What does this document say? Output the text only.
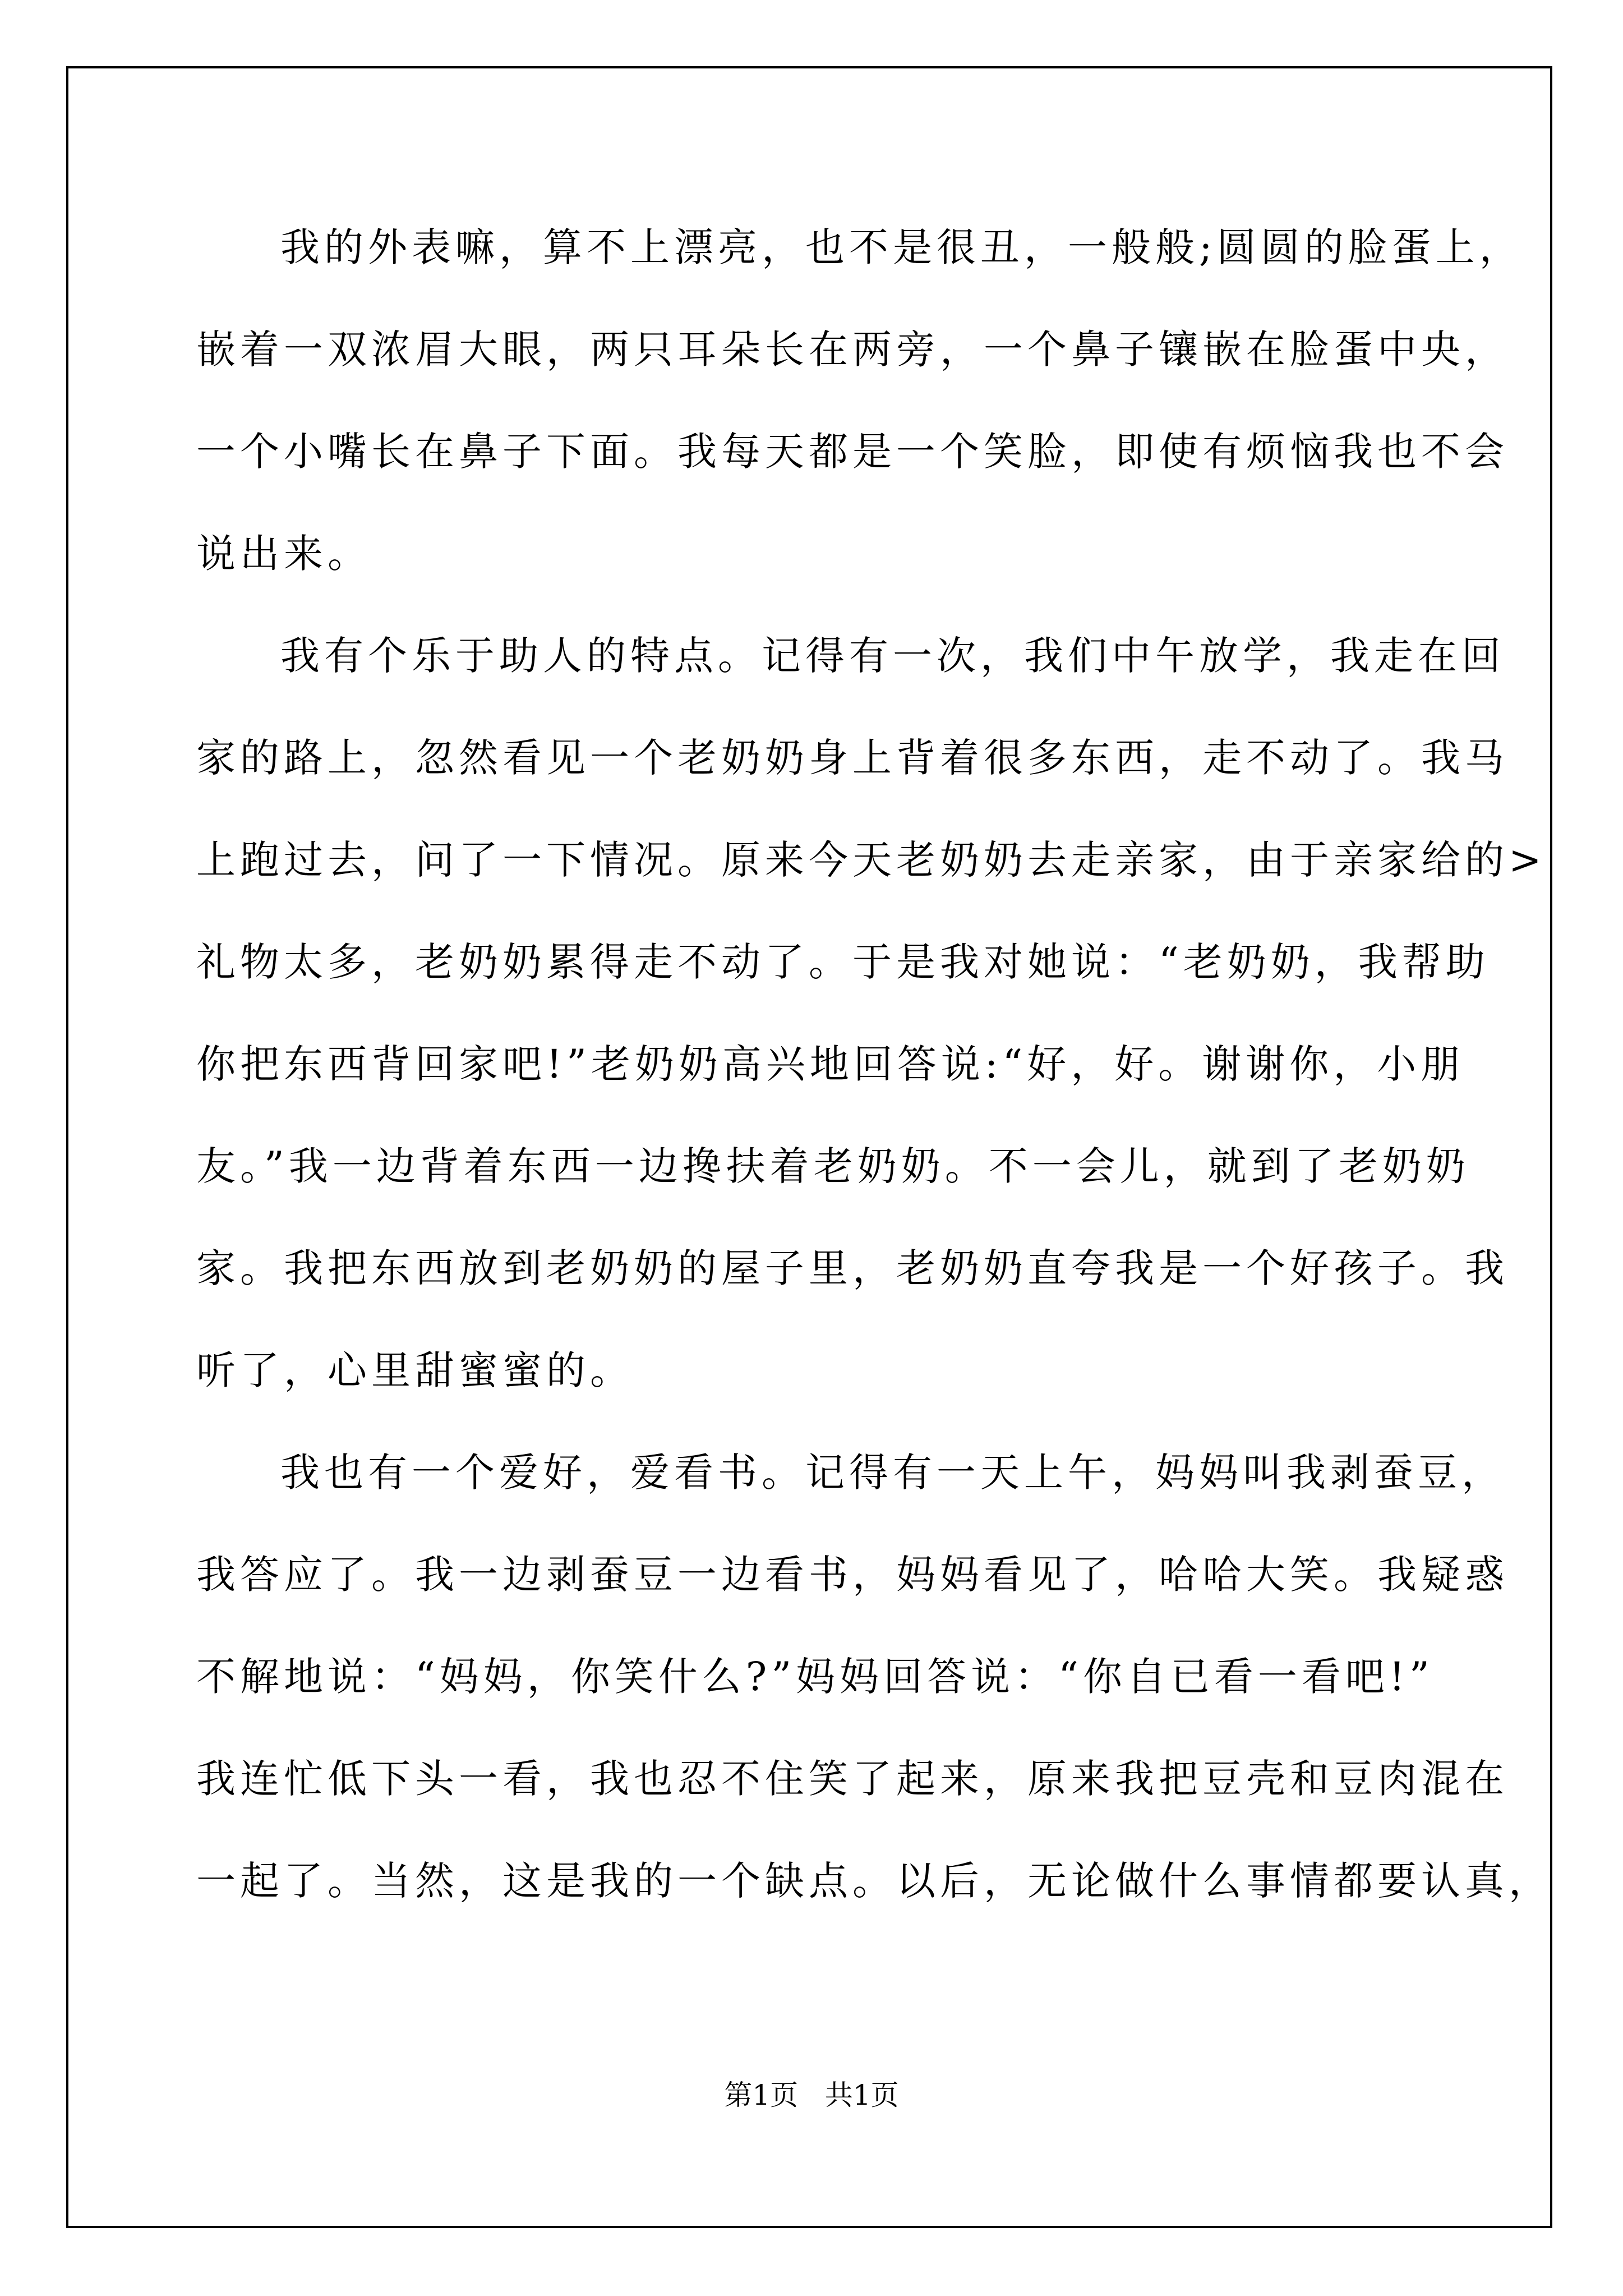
我的外表嘛，算不上漂亮，也不是很丑，一般般;圆圆的脸蛋上，
嵌着一双浓眉大眼，两只耳朵长在两旁，一个鼻子镶嵌在脸蛋中央，
一个小嘴长在鼻子下面。我每天都是一个笑脸，即使有烦恼我也不会
说出来。
我有个乐于助人的特点。记得有一次，我们中午放学，我走在回
家的路上，忽然看见一个老奶奶身上背着很多东西，走不动了。我马
上跑过去，问了一下情况。原来今天老奶奶去走亲家，由于亲家给的>
礼物太多，老奶奶累得走不动了。于是我对她说：“老奶奶，我帮助
你把东西背回家吧!”老奶奶高兴地回答说:“好，好。谢谢你，小朋
友。”我一边背着东西一边搀扶着老奶奶。不一会儿，就到了老奶奶
家。我把东西放到老奶奶的屋子里，老奶奶直夸我是一个好孩子。我
听了，心里甜蜜蜜的。
我也有一个爱好，爱看书。记得有一天上午，妈妈叫我剥蚕豆，
我答应了。我一边剥蚕豆一边看书，妈妈看见了，哈哈大笑。我疑惑
不解地说：“妈妈，你笑什么?”妈妈回答说：“你自已看一看吧!”
我连忙低下头一看，我也忍不住笑了起来，原来我把豆壳和豆肉混在
一起了。当然，这是我的一个缺点。以后，无论做什么事情都要认真，
第1页   共1页
